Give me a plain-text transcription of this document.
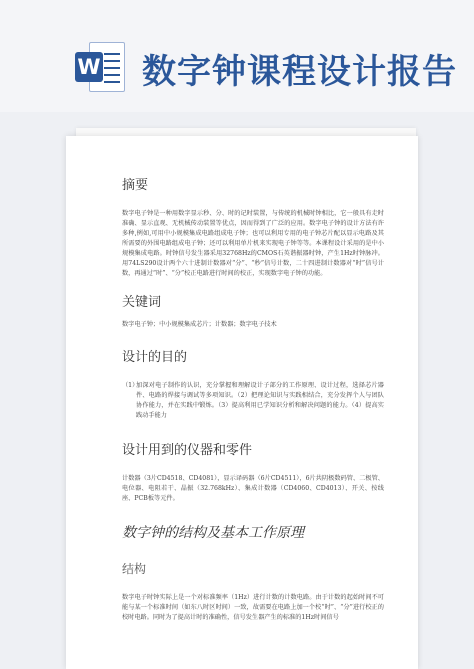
W 数字钟课程设计报告
摘要
数字电子钟是一种用数字显示秒、分、时的记时装置，与传统的机械时钟相比，它一般具有走时准确、显示直观、无机械传动装置等优点，因而得到了广泛的应用。数字电子钟的设计方法有许多种,例如,可用中小规模集成电路组成电子钟；也可以利用专用的电子钟芯片配以显示电路及其所需要的外围电路组成电子钟；还可以利用单片机来实现电子钟等等。本课程设计采用的是中小规模集成电路。时钟信号发生器采用32768Hz的CMOS石英谐振器时钟，产生1Hz时钟脉冲。用74LS290设计两个六十进制计数器对“分”、“秒”信号计数，二十四进制计数器对“时”信号计数，再通过“时”、“分”校正电路进行时间的校正，实现数字电子钟的功能。
关键词
数字电子钟；中小规模集成芯片；计数器；数字电子技术
设计的目的
（1）
加深对电子制作的认识，充分掌握和理解设计子部分的工作原理、设计过程，选择芯片器件、电路的焊接与调试等多项知识。（2）把理论知识与实践相结合，充分发挥个人与团队协作能力，并在实践中锻炼。（3）提高利用已学知识分析和解决问题的能力。（4）提高实践动手能力
设计用到的仪器和零件
计数器（3片CD4518、CD4081），显示译码器（6片CD4511），6片共阴极数码管、二极管、电位器、电阻若干、晶振（32.768kHz）、集成计数器（CD4060、CD4013）、开关、按线座、PCB板等元件。
数字钟的结构及基本工作原理
结构
数字电子时钟实际上是一个对标准频率（1Hz）进行计数的计数电路。由于计数的起始时间不可能与某一个标准时间（如东八时区时间）一致，故需要在电路上加一个校“时”、“分”进行校正的校时电路。同时为了提高计时的准确性，信号发生器产生的标准的1Hz时间信号
